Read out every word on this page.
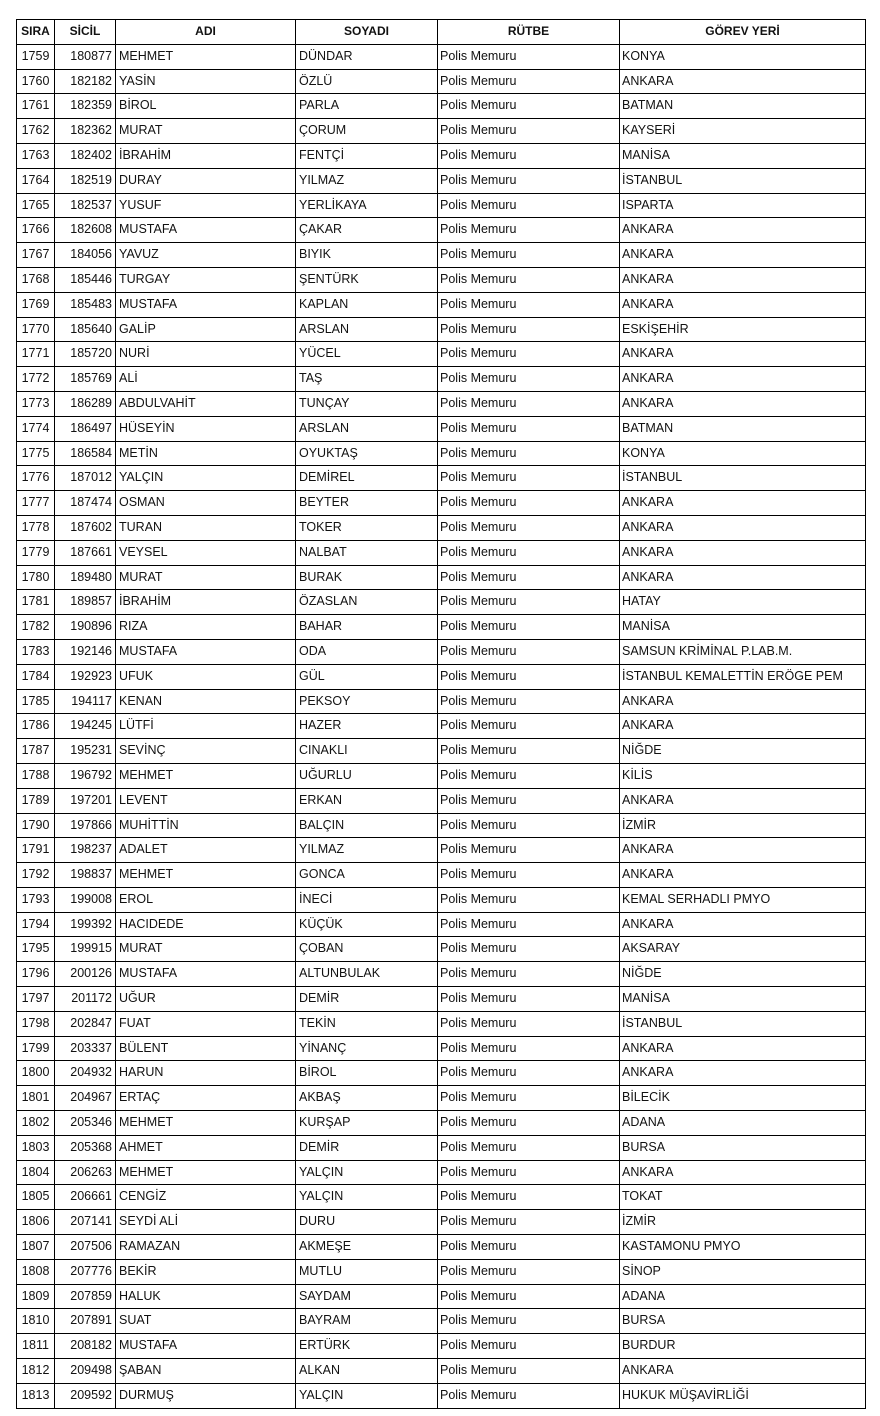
SIRA	SİCİL	ADI	SOYADI	RÜTBE	GÖREV YERİ
1759	180877	MEHMET	DÜNDAR	Polis Memuru	KONYA
1760	182182	YASİN	ÖZLÜ	Polis Memuru	ANKARA
1761	182359	BİROL	PARLA	Polis Memuru	BATMAN
1762	182362	MURAT	ÇORUM	Polis Memuru	KAYSERİ
1763	182402	İBRAHİM	FENTÇİ	Polis Memuru	MANİSA
1764	182519	DURAY	YILMAZ	Polis Memuru	İSTANBUL
1765	182537	YUSUF	YERLİKAYA	Polis Memuru	ISPARTA
1766	182608	MUSTAFA	ÇAKAR	Polis Memuru	ANKARA
1767	184056	YAVUZ	BIYIK	Polis Memuru	ANKARA
1768	185446	TURGAY	ŞENTÜRK	Polis Memuru	ANKARA
1769	185483	MUSTAFA	KAPLAN	Polis Memuru	ANKARA
1770	185640	GALİP	ARSLAN	Polis Memuru	ESKİŞEHİR
1771	185720	NURİ	YÜCEL	Polis Memuru	ANKARA
1772	185769	ALİ	TAŞ	Polis Memuru	ANKARA
1773	186289	ABDULVAHİT	TUNÇAY	Polis Memuru	ANKARA
1774	186497	HÜSEYİN	ARSLAN	Polis Memuru	BATMAN
1775	186584	METİN	OYUKTAŞ	Polis Memuru	KONYA
1776	187012	YALÇIN	DEMİREL	Polis Memuru	İSTANBUL
1777	187474	OSMAN	BEYTER	Polis Memuru	ANKARA
1778	187602	TURAN	TOKER	Polis Memuru	ANKARA
1779	187661	VEYSEL	NALBAT	Polis Memuru	ANKARA
1780	189480	MURAT	BURAK	Polis Memuru	ANKARA
1781	189857	İBRAHİM	ÖZASLAN	Polis Memuru	HATAY
1782	190896	RIZA	BAHAR	Polis Memuru	MANİSA
1783	192146	MUSTAFA	ODA	Polis Memuru	SAMSUN KRİMİNAL P.LAB.M.
1784	192923	UFUK	GÜL	Polis Memuru	İSTANBUL KEMALETTİN ERÖGE PEM
1785	194117	KENAN	PEKSOY	Polis Memuru	ANKARA
1786	194245	LÜTFİ	HAZER	Polis Memuru	ANKARA
1787	195231	SEVİNÇ	CINAKLI	Polis Memuru	NİĞDE
1788	196792	MEHMET	UĞURLU	Polis Memuru	KİLİS
1789	197201	LEVENT	ERKAN	Polis Memuru	ANKARA
1790	197866	MUHİTTİN	BALÇIN	Polis Memuru	İZMİR
1791	198237	ADALET	YILMAZ	Polis Memuru	ANKARA
1792	198837	MEHMET	GONCA	Polis Memuru	ANKARA
1793	199008	EROL	İNECİ	Polis Memuru	KEMAL SERHADLI PMYO
1794	199392	HACIDEDE	KÜÇÜK	Polis Memuru	ANKARA
1795	199915	MURAT	ÇOBAN	Polis Memuru	AKSARAY
1796	200126	MUSTAFA	ALTUNBULAK	Polis Memuru	NİĞDE
1797	201172	UĞUR	DEMİR	Polis Memuru	MANİSA
1798	202847	FUAT	TEKİN	Polis Memuru	İSTANBUL
1799	203337	BÜLENT	YİNANÇ	Polis Memuru	ANKARA
1800	204932	HARUN	BİROL	Polis Memuru	ANKARA
1801	204967	ERTAÇ	AKBAŞ	Polis Memuru	BİLECİK
1802	205346	MEHMET	KURŞAP	Polis Memuru	ADANA
1803	205368	AHMET	DEMİR	Polis Memuru	BURSA
1804	206263	MEHMET	YALÇIN	Polis Memuru	ANKARA
1805	206661	CENGİZ	YALÇIN	Polis Memuru	TOKAT
1806	207141	SEYDİ ALİ	DURU	Polis Memuru	İZMİR
1807	207506	RAMAZAN	AKMEŞE	Polis Memuru	KASTAMONU PMYO
1808	207776	BEKİR	MUTLU	Polis Memuru	SİNOP
1809	207859	HALUK	SAYDAM	Polis Memuru	ADANA
1810	207891	SUAT	BAYRAM	Polis Memuru	BURSA
1811	208182	MUSTAFA	ERTÜRK	Polis Memuru	BURDUR
1812	209498	ŞABAN	ALKAN	Polis Memuru	ANKARA
1813	209592	DURMUŞ	YALÇIN	Polis Memuru	HUKUK MÜŞAVİRLİĞİ
